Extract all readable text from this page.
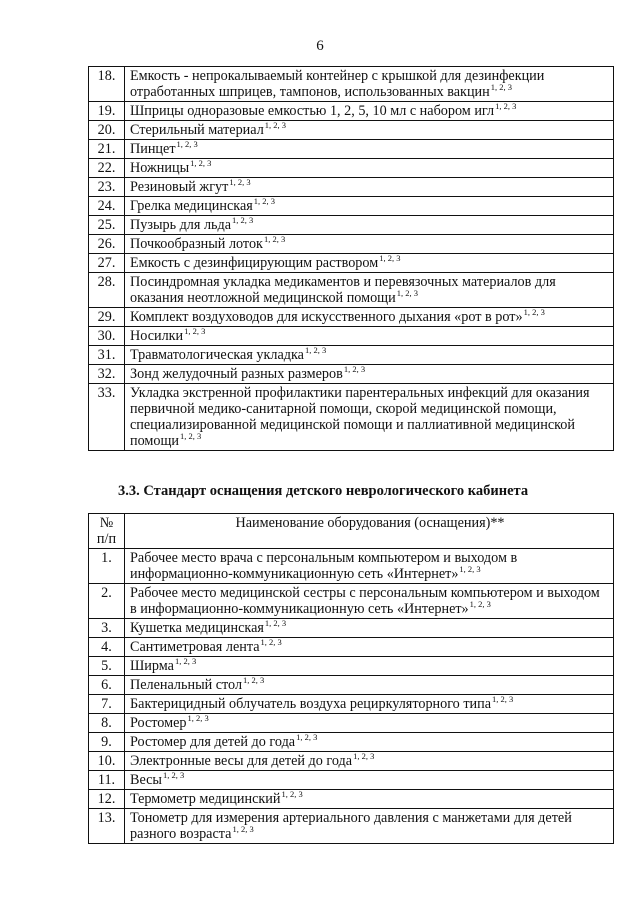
6
18.	Емкость - непрокалываемый контейнер с крышкой для дезинфекции отработанных шприцев, тампонов, использованных вакцин$^{1, 2, 3}$
19.	Шприцы одноразовые емкостью 1, 2, 5, 10 мл с набором игл$^{1, 2, 3}$
20.	Стерильный материал$^{1, 2, 3}$
21.	Пинцет$^{1, 2, 3}$
22.	Ножницы$^{1, 2, 3}$
23.	Резиновый жгут$^{1, 2, 3}$
24.	Грелка медицинская$^{1, 2, 3}$
25.	Пузырь для льда$^{1, 2, 3}$
26.	Почкообразный лоток$^{1, 2, 3}$
27.	Емкость с дезинфицирующим раствором$^{1, 2, 3}$
28.	Посиндромная укладка медикаментов и перевязочных материалов для оказания неотложной медицинской помощи$^{1, 2, 3}$
29.	Комплект воздуховодов для искусственного дыхания «рот в рот»$^{1, 2, 3}$
30.	Носилки$^{1, 2, 3}$
31.	Травматологическая укладка$^{1, 2, 3}$
32.	Зонд желудочный разных размеров$^{1, 2, 3}$
33.	Укладка экстренной профилактики парентеральных инфекций для оказания первичной медико-санитарной помощи, скорой медицинской помощи, специализированной медицинской помощи и паллиативной медицинской помощи$^{1, 2, 3}$
3.3. Стандарт оснащения детского неврологического кабинета
№
п/п	Наименование оборудования (оснащения)**
1.	Рабочее место врача с персональным компьютером и выходом в информационно-коммуникационную сеть «Интернет»$^{1, 2, 3}$
2.	Рабочее место медицинской сестры с персональным компьютером и выходом в информационно-коммуникационную сеть «Интернет»$^{1, 2, 3}$
3.	Кушетка медицинская$^{1, 2, 3}$
4.	Сантиметровая лента$^{1, 2, 3}$
5.	Ширма$^{1, 2, 3}$
6.	Пеленальный стол$^{1, 2, 3}$
7.	Бактерицидный облучатель воздуха рециркуляторного типа$^{1, 2, 3}$
8.	Ростомер$^{1, 2, 3}$
9.	Ростомер для детей до года$^{1, 2, 3}$
10.	Электронные весы для детей до года$^{1, 2, 3}$
11.	Весы$^{1, 2, 3}$
12.	Термометр медицинский$^{1, 2, 3}$
13.	Тонометр для измерения артериального давления с манжетами для детей разного возраста$^{1, 2, 3}$
